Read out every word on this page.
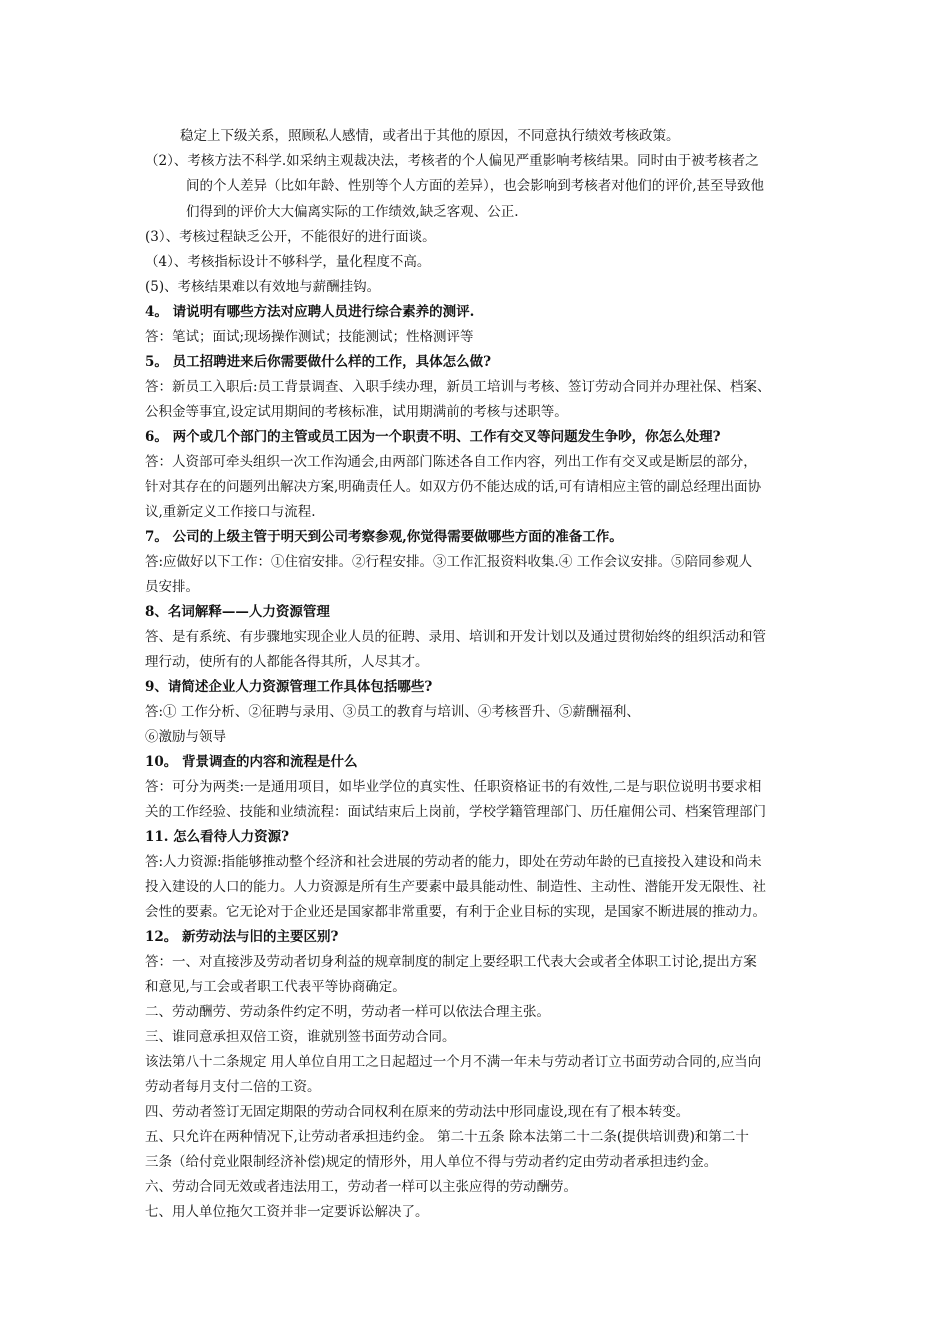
稳定上下级关系，照顾私人感情，或者出于其他的原因，不同意执行绩效考核政策。
（2）、考核方法不科学.如采纳主观裁决法，考核者的个人偏见严重影响考核结果。同时由于被考核者之
间的个人差异（比如年龄、性别等个人方面的差异），也会影响到考核者对他们的评价,甚至导致他
们得到的评价大大偏离实际的工作绩效,缺乏客观、公正.
(3）、考核过程缺乏公开，不能很好的进行面谈。
（4）、考核指标设计不够科学，量化程度不高。
(5)、考核结果难以有效地与薪酬挂钩。
4。 请说明有哪些方法对应聘人员进行综合素养的测评.
答：笔试；面试;现场操作测试；技能测试；性格测评等
5。 员工招聘进来后你需要做什么样的工作，具体怎么做?
答：新员工入职后:员工背景调查、入职手续办理，新员工培训与考核、签订劳动合同并办理社保、档案、
公积金等事宜,设定试用期间的考核标准，试用期满前的考核与述职等。
6。 两个或几个部门的主管或员工因为一个职责不明、工作有交叉等问题发生争吵，你怎么处理?
答：人资部可牵头组织一次工作沟通会,由两部门陈述各自工作内容，列出工作有交叉或是断层的部分，
针对其存在的问题列出解决方案,明确责任人。如双方仍不能达成的话,可有请相应主管的副总经理出面协
议,重新定义工作接口与流程.
7。 公司的上级主管于明天到公司考察参观,你觉得需要做哪些方面的准备工作。
答:应做好以下工作：①住宿安排。②行程安排。③工作汇报资料收集.④ 工作会议安排。⑤陪同参观人
员安排。
8、名词解释——人力资源管理
答、是有系统、有步骤地实现企业人员的征聘、录用、培训和开发计划以及通过贯彻始终的组织活动和管
理行动，使所有的人都能各得其所，人尽其才。
9、请简述企业人力资源管理工作具体包括哪些?
答:① 工作分析、②征聘与录用、③员工的教育与培训、④考核晋升、⑤薪酬福利、
⑥激励与领导
10。 背景调查的内容和流程是什么
答：可分为两类:一是通用项目，如毕业学位的真实性、任职资格证书的有效性,二是与职位说明书要求相
关的工作经验、技能和业绩流程：面试结束后上岗前，学校学籍管理部门、历任雇佣公司、档案管理部门
11. 怎么看待人力资源?
答:人力资源:指能够推动整个经济和社会进展的劳动者的能力，即处在劳动年龄的已直接投入建设和尚未
投入建设的人口的能力。人力资源是所有生产要素中最具能动性、制造性、主动性、潜能开发无限性、社
会性的要素。它无论对于企业还是国家都非常重要，有利于企业目标的实现，是国家不断进展的推动力。
12。 新劳动法与旧的主要区别?
答：一、对直接涉及劳动者切身利益的规章制度的制定上要经职工代表大会或者全体职工讨论,提出方案
和意见,与工会或者职工代表平等协商确定。
二、劳动酬劳、劳动条件约定不明，劳动者一样可以依法合理主张。
三、谁同意承担双倍工资，谁就别签书面劳动合同。
该法第八十二条规定 用人单位自用工之日起超过一个月不满一年未与劳动者订立书面劳动合同的,应当向
劳动者每月支付二倍的工资。
四、劳动者签订无固定期限的劳动合同权利在原来的劳动法中形同虚设,现在有了根本转变。
五、只允许在两种情况下,让劳动者承担违约金。 第二十五条 除本法第二十二条(提供培训费)和第二十
三条（给付竞业限制经济补偿)规定的情形外，用人单位不得与劳动者约定由劳动者承担违约金。
六、劳动合同无效或者违法用工，劳动者一样可以主张应得的劳动酬劳。
七、用人单位拖欠工资并非一定要诉讼解决了。
